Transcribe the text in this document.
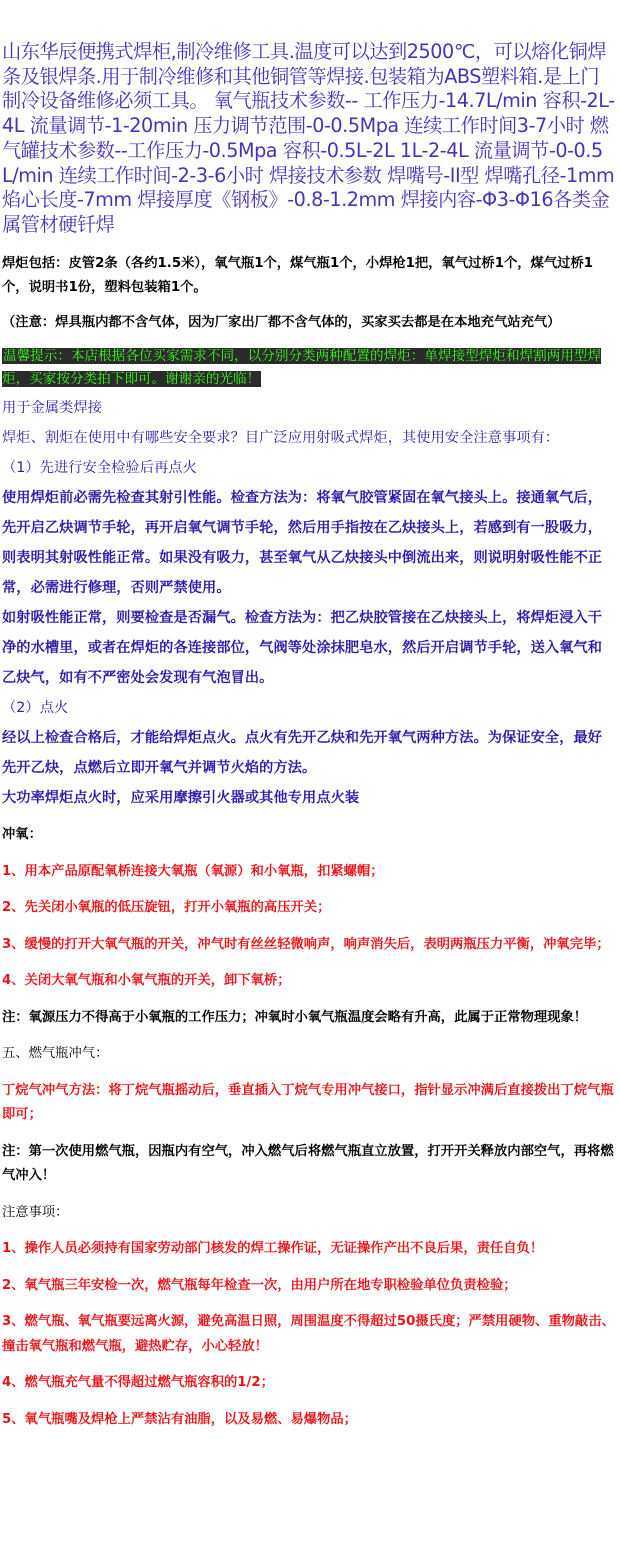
山东华辰便携式焊柜,制冷维修工具.温度可以达到2500℃，可以熔化铜焊条及银焊条.用于制冷维修和其他铜管等焊接.包装箱为ABS塑料箱.是上门制冷设备维修必须工具。 氧气瓶技术参数-- 工作压力-14.7L/min 容积-2L-4L 流量调节-1-20min 压力调节范围-0-0.5Mpa 连续工作时间3-7小时 燃气罐技术参数--工作压力-0.5Mpa 容积-0.5L-2L 1L-2-4L 流量调节-0-0.5L/min 连续工作时间-2-3-6小时 焊接技术参数 焊嘴号-II型 焊嘴孔径-1mm 焰心长度-7mm 焊接厚度《钢板》-0.8-1.2mm 焊接内容-Φ3-Φ16各类金属管材硬钎焊

焊炬包括：皮管2条（各约1.5米），氧气瓶1个，煤气瓶1个，小焊枪1把，氧气过桥1个，煤气过桥1个，说明书1份，塑料包装箱1个。

（注意：焊具瓶内都不含气体，因为厂家出厂都不含气体的，买家买去都是在本地充气站充气）

温馨提示：本店根据各位买家需求不同，以分别分类两种配置的焊炬：单焊接型焊炬和焊割两用型焊炬，买家按分类拍下即可。谢谢亲的光临！

用于金属类焊接

焊炬、割炬在使用中有哪些安全要求？目广泛应用射吸式焊炬，其使用安全注意事项有：

（1）先进行安全检验后再点火

使用焊炬前必需先检查其射引性能。检查方法为：将氧气胶管紧固在氧气接头上。接通氧气后，先开启乙炔调节手轮，再开启氧气调节手轮，然后用手指按在乙炔接头上，若感到有一股吸力，则表明其射吸性能正常。如果没有吸力，甚至氧气从乙炔接头中倒流出来，则说明射吸性能不正常，必需进行修理，否则严禁使用。

如射吸性能正常，则要检查是否漏气。检查方法为：把乙炔胶管接在乙炔接头上，将焊炬浸入干净的水槽里，或者在焊炬的各连接部位，气阀等处涂抹肥皂水，然后开启调节手轮，送入氧气和乙炔气，如有不严密处会发现有气泡冒出。

（2）点火

经以上检查合格后，才能给焊炬点火。点火有先开乙炔和先开氧气两种方法。为保证安全，最好先开乙炔，点燃后立即开氧气并调节火焰的方法。

大功率焊炬点火时，应采用摩擦引火器或其他专用点火装

冲氧：

1、用本产品原配氧桥连接大氧瓶（氧源）和小氧瓶，扣紧螺帽；

2、先关闭小氧瓶的低压旋钮，打开小氧瓶的高压开关；

3、缓慢的打开大氧气瓶的开关，冲气时有丝丝轻微响声，响声消失后，表明两瓶压力平衡，冲氧完毕；

4、关闭大氧气瓶和小氧气瓶的开关，卸下氧桥；

注：氧源压力不得高于小氧瓶的工作压力；冲氧时小氧气瓶温度会略有升高，此属于正常物理现象！

五、燃气瓶冲气：

丁烷气冲气方法：将丁烷气瓶摇动后，垂直插入丁烷气专用冲气接口，指针显示冲满后直接拨出丁烷气瓶即可；

注：第一次使用燃气瓶，因瓶内有空气，冲入燃气后将燃气瓶直立放置，打开开关释放内部空气，再将燃气冲入！

注意事项：

1、操作人员必须持有国家劳动部门核发的焊工操作证，无证操作产出不良后果，责任自负！

2、氧气瓶三年安检一次，燃气瓶每年检查一次，由用户所在地专职检验单位负责检验；

3、燃气瓶、氧气瓶要远离火源，避免高温日照，周围温度不得超过50摄氏度；严禁用硬物、重物敲击、撞击氧气瓶和燃气瓶，避热贮存，小心轻放！

4、燃气瓶充气量不得超过燃气瓶容积的1/2；

5、氧气瓶嘴及焊枪上严禁沾有油脂，以及易燃、易爆物品；
